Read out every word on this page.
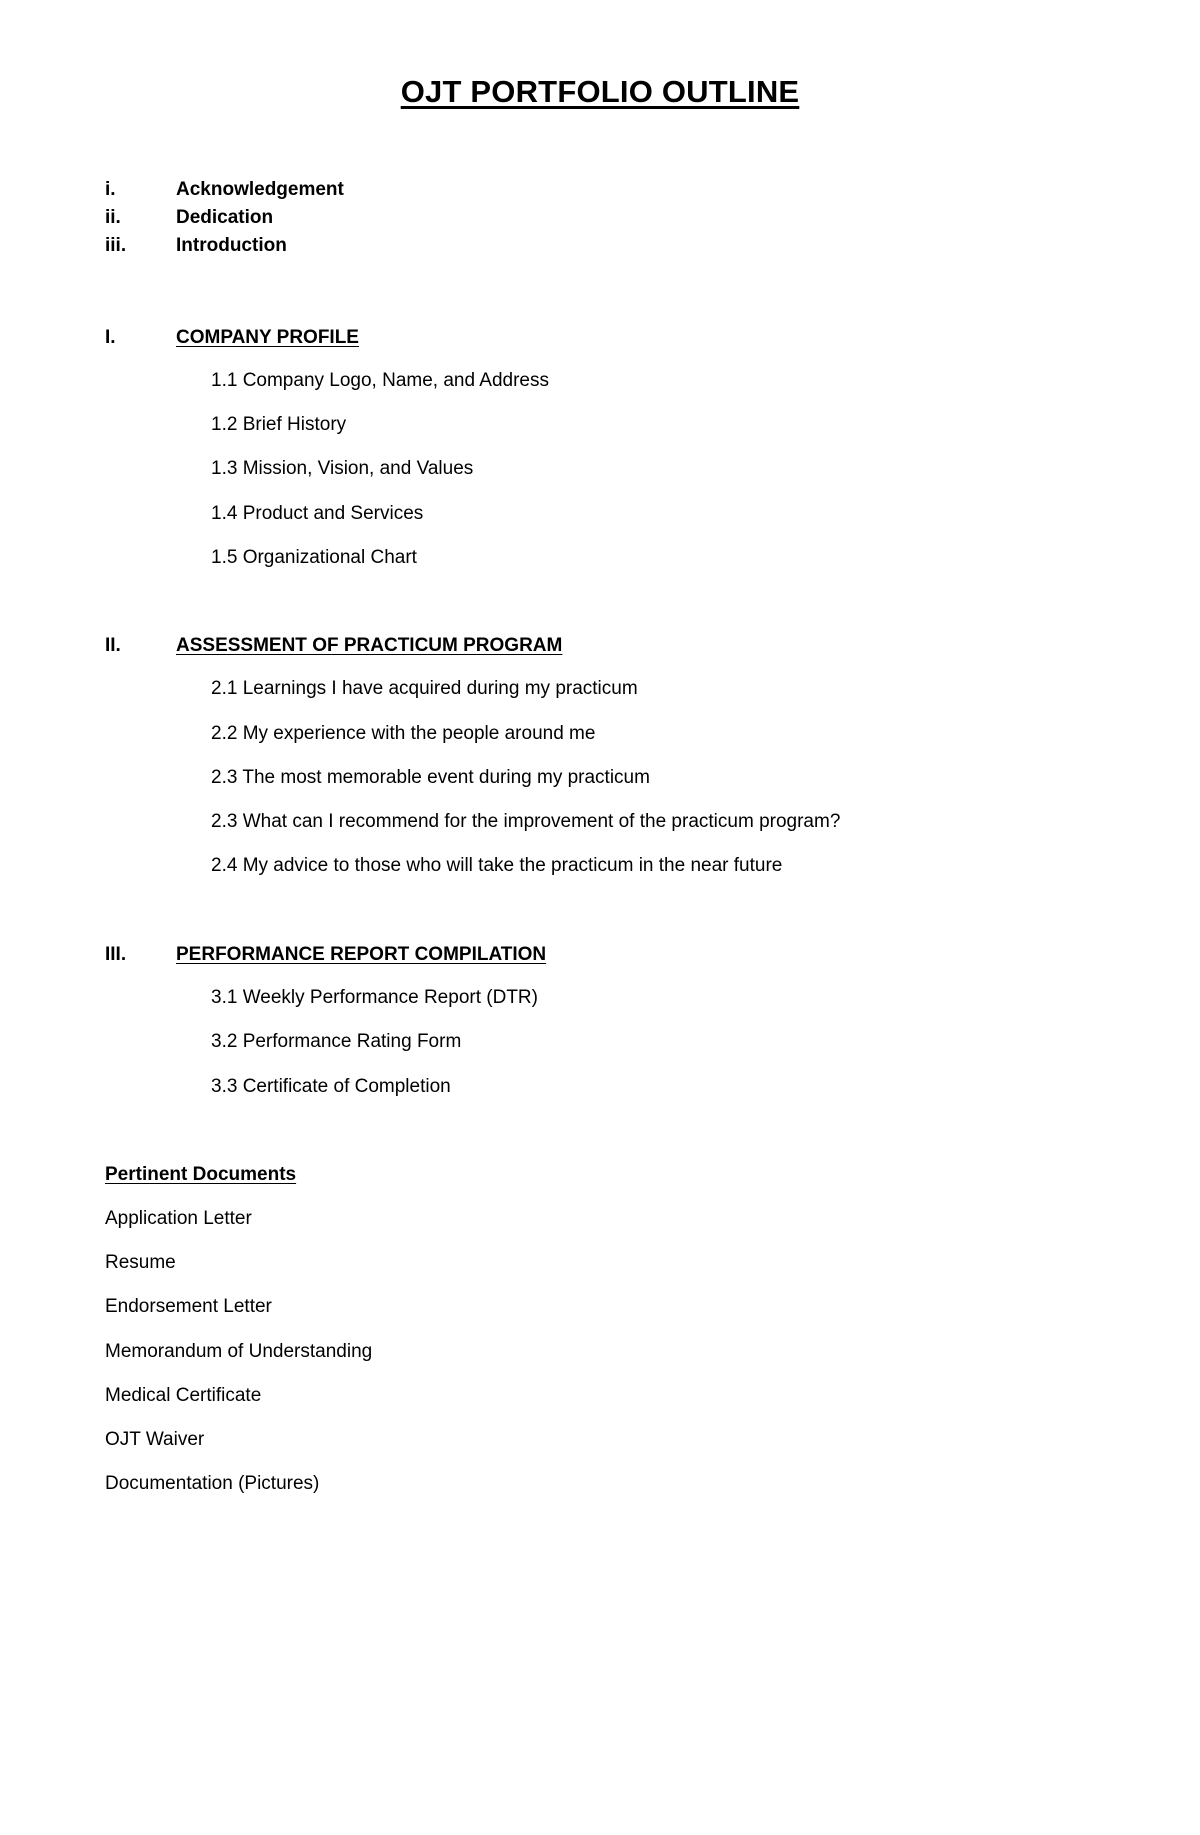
OJT PORTFOLIO OUTLINE
i.	Acknowledgement
ii.	Dedication
iii.	Introduction
I.	COMPANY PROFILE
1.1 Company Logo, Name, and Address
1.2 Brief History
1.3 Mission, Vision, and Values
1.4 Product and Services
1.5 Organizational Chart
II.	ASSESSMENT OF PRACTICUM PROGRAM
2.1 Learnings I have acquired during my practicum
2.2 My experience with the people around me
2.3 The most memorable event during my practicum
2.3 What can I recommend for the improvement of the practicum program?
2.4 My advice to those who will take the practicum in the near future
III.	PERFORMANCE REPORT COMPILATION
3.1 Weekly Performance Report (DTR)
3.2 Performance Rating Form
3.3 Certificate of Completion
Pertinent Documents
Application Letter
Resume
Endorsement Letter
Memorandum of Understanding
Medical Certificate
OJT Waiver
Documentation (Pictures)
